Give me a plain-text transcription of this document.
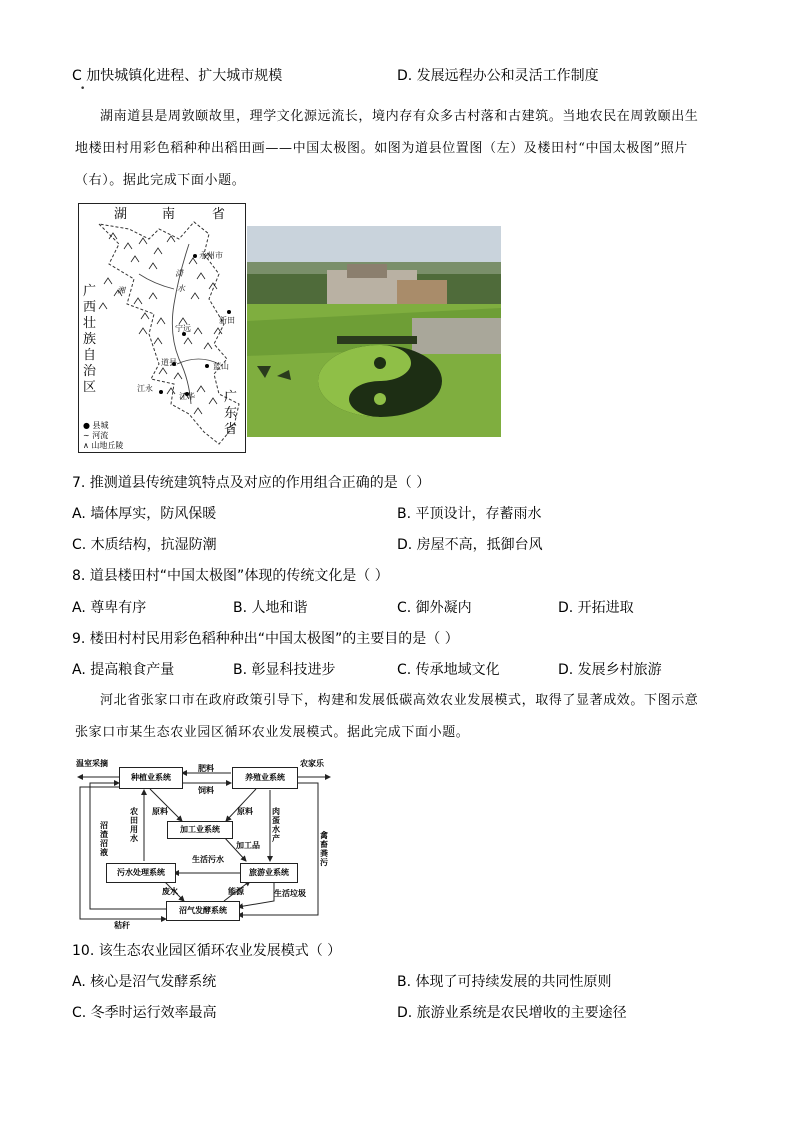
C 加快城镇化进程、扩大城市规模	D. 发展远程办公和灵活工作制度
•
湖南道县是周敦颐故里，理学文化源远流长，境内存有众多古村落和古建筑。当地农民在周敦颐出生
地楼田村用彩色稻种种出稻田画——中国太极图。如图为道县位置图（左）及楼田村“中国太极图”照片
（右）。据此完成下面小题。
湖	南	省
广西壮族自治区
广东省
永州市
潇
水
湘
新田
宁远
道县	蓝山
江永
江华
● 县城
∼ 河流
∧ 山地丘陵
7. 推测道县传统建筑特点及对应的作用组合正确的是（ ）
A. 墙体厚实，防风保暖	B. 平顶设计，存蓄雨水
C. 木质结构，抗湿防潮	D. 房屋不高，抵御台风
8. 道县楼田村“中国太极图”体现的传统文化是（ ）
A. 尊卑有序	B. 人地和谐	C. 御外凝内	D. 开拓进取
9. 楼田村村民用彩色稻种种出“中国太极图”的主要目的是（ ）
A. 提高粮食产量	B. 彰显科技进步	C. 传承地域文化	D. 发展乡村旅游
河北省张家口市在政府政策引导下，构建和发展低碳高效农业发展模式，取得了显著成效。下图示意
张家口市某生态农业园区循环农业发展模式。据此完成下面小题。
种植业系统	养殖业系统
加工业系统
污水处理系统	旅游业系统
沼气发酵系统
温室采摘	农家乐
肥料
饲料
原料	原料
农田用水
肉蛋水产
加工品
生活污水
废水	能源	生活垃圾
沼渣沼液
禽畜粪污
秸秆
10. 该生态农业园区循环农业发展模式（ ）
A. 核心是沼气发酵系统	B. 体现了可持续发展的共同性原则
C. 冬季时运行效率最高	D. 旅游业系统是农民增收的主要途径
